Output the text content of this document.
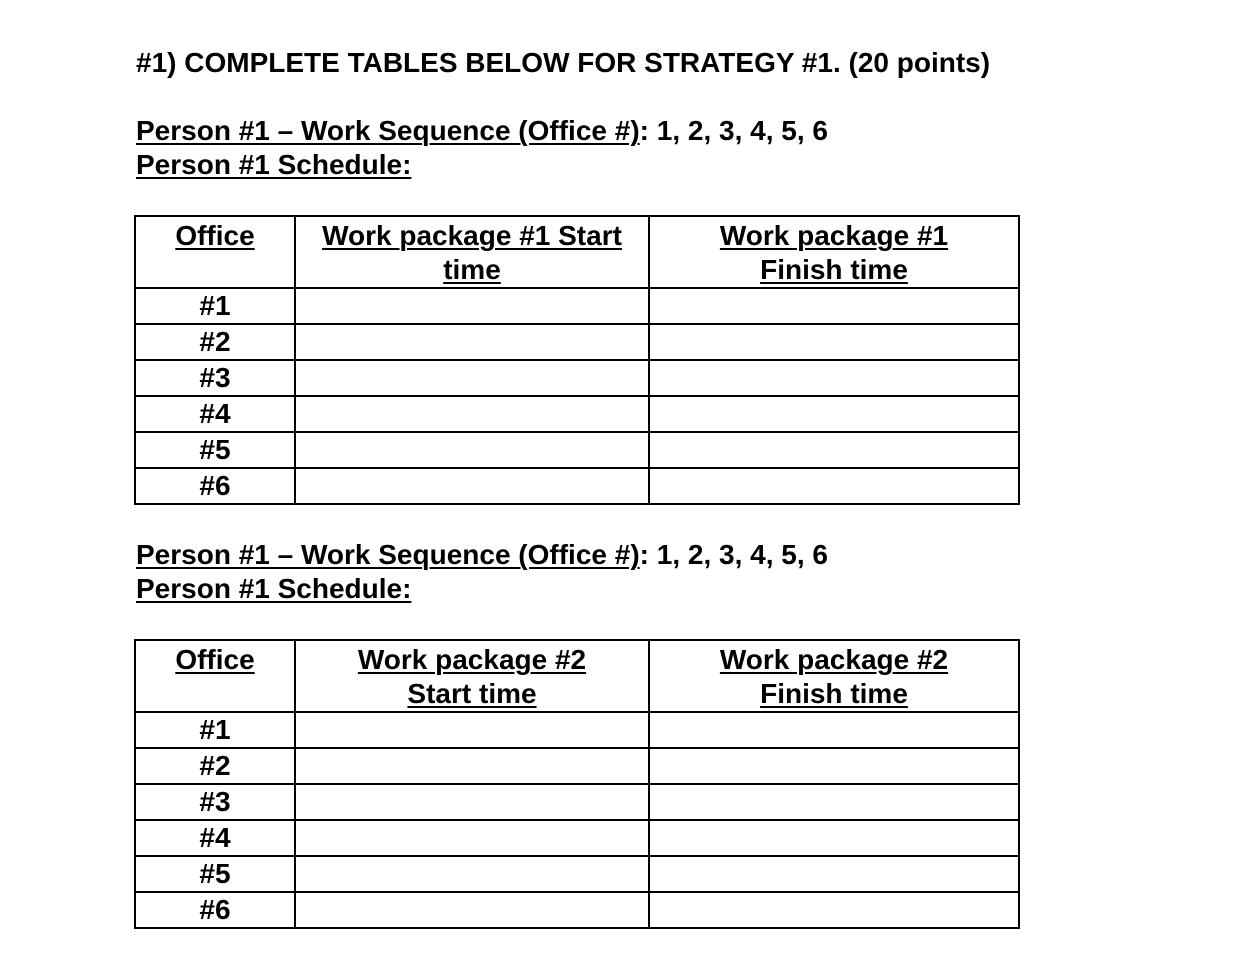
#1) COMPLETE TABLES BELOW FOR STRATEGY #1. (20 points)
Person #1 – Work Sequence (Office #): 1, 2, 3, 4, 5, 6
Person #1 Schedule:
Office	Work package #1 Start time	Work package #1 Finish time
#1		
#2		
#3		
#4		
#5		
#6		
Person #1 – Work Sequence (Office #): 1, 2, 3, 4, 5, 6
Person #1 Schedule:
Office	Work package #2 Start time	Work package #2 Finish time
#1		
#2		
#3		
#4		
#5		
#6		
